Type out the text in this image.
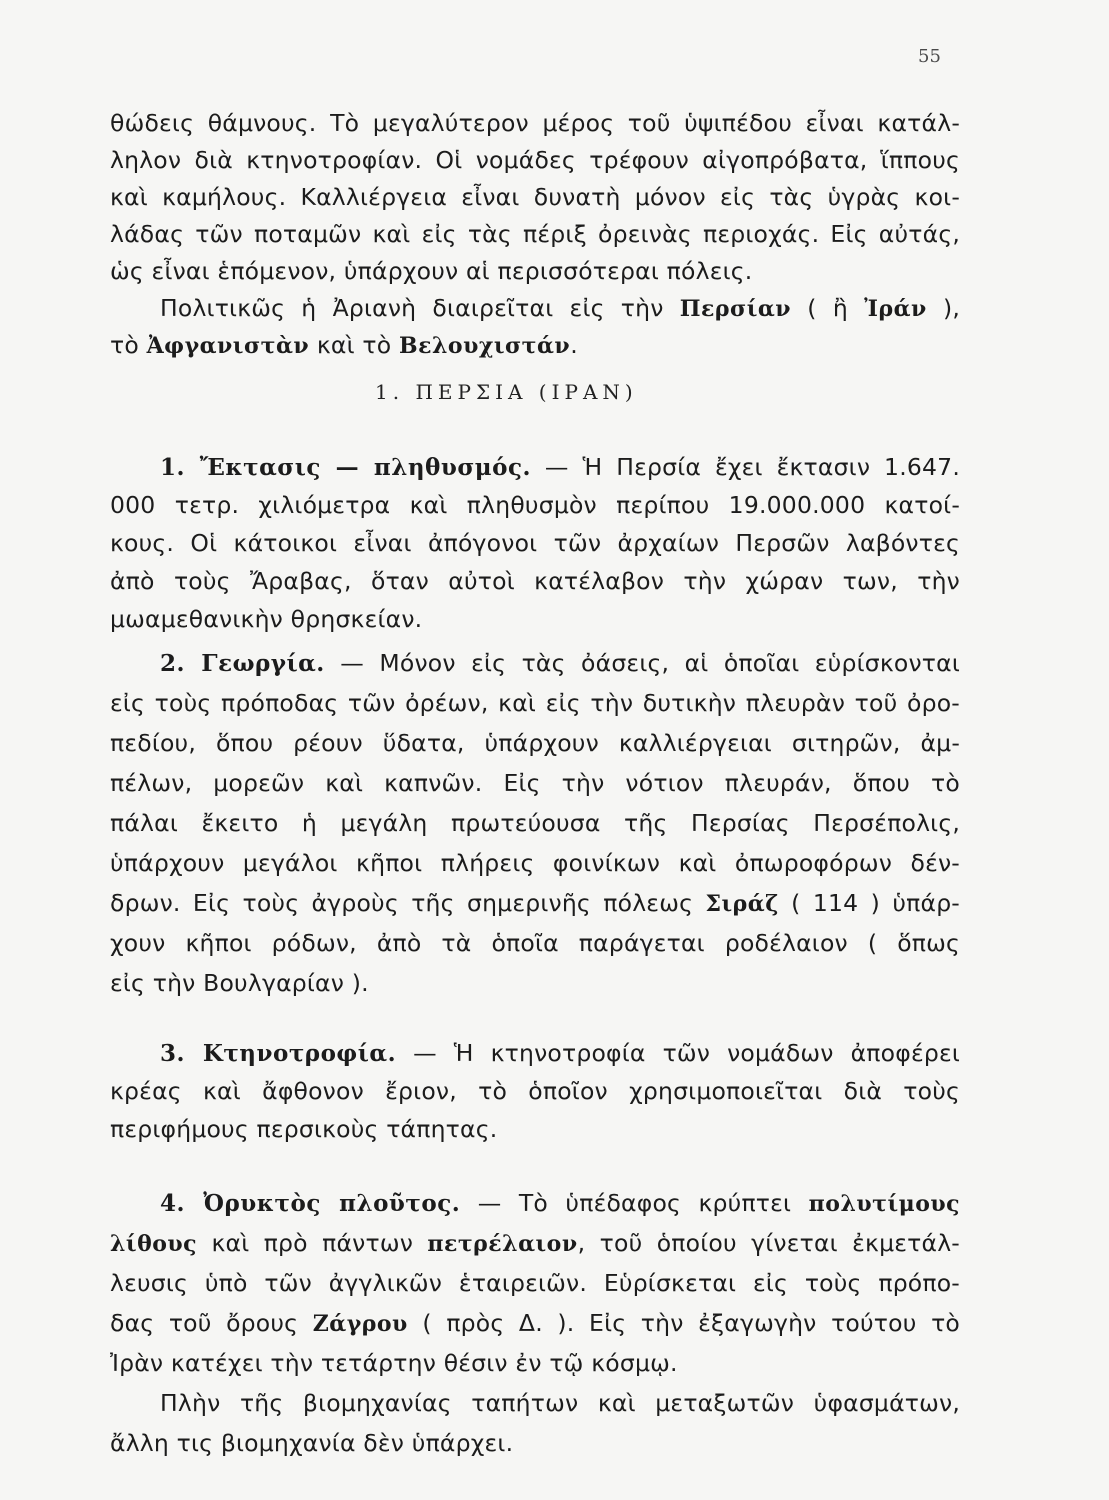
55
θώδεις θάμνους. Τὸ μεγαλύτερον μέρος τοῦ ὑψιπέδου εἶναι κατάλ-
ληλον διὰ κτηνοτροφίαν. Οἱ νομάδες τρέφουν αἰγοπρόβατα, ἵππους
καὶ καμήλους. Καλλιέργεια εἶναι δυνατὴ μόνον εἰς τὰς ὑγρὰς κοι-
λάδας τῶν ποταμῶν καὶ εἰς τὰς πέριξ ὀρεινὰς περιοχάς. Εἰς αὐτάς,
ὡς εἶναι ἑπόμενον, ὑπάρχουν αἱ περισσότεραι πόλεις.
Πολιτικῶς ἡ Ἀριανὴ διαιρεῖται εἰς τὴν Περσίαν ( ἢ Ἰράν ),
τὸ Ἀφγανιστὰν καὶ τὸ Βελουχιστάν.
1. ΠΕΡΣΙΑ (ΙΡΑΝ)
1. Ἔκτασις — πληθυσμός. — Ἡ Περσία ἔχει ἔκτασιν 1.647.
000 τετρ. χιλιόμετρα καὶ πληθυσμὸν περίπου 19.000.000 κατοί-
κους. Οἱ κάτοικοι εἶναι ἀπόγονοι τῶν ἀρχαίων Περσῶν λαβόντες
ἀπὸ τοὺς Ἄραβας, ὅταν αὐτοὶ κατέλαβον τὴν χώραν των, τὴν
μωαμεθανικὴν θρησκείαν.
2. Γεωργία. — Μόνον εἰς τὰς ὀάσεις, αἱ ὁποῖαι εὑρίσκονται
εἰς τοὺς πρόποδας τῶν ὀρέων, καὶ εἰς τὴν δυτικὴν πλευρὰν τοῦ ὀρο-
πεδίου, ὅπου ρέουν ὕδατα, ὑπάρχουν καλλιέργειαι σιτηρῶν, ἀμ-
πέλων, μορεῶν καὶ καπνῶν. Εἰς τὴν νότιον πλευράν, ὅπου τὸ
πάλαι ἔκειτο ἡ μεγάλη πρωτεύουσα τῆς Περσίας Περσέπολις,
ὑπάρχουν μεγάλοι κῆποι πλήρεις φοινίκων καὶ ὀπωροφόρων δέν-
δρων. Εἰς τοὺς ἀγροὺς τῆς σημερινῆς πόλεως Σιράζ ( 114 ) ὑπάρ-
χουν κῆποι ρόδων, ἀπὸ τὰ ὁποῖα παράγεται ροδέλαιον ( ὅπως
εἰς τὴν Βουλγαρίαν ).
3. Κτηνοτροφία. — Ἡ κτηνοτροφία τῶν νομάδων ἀποφέρει
κρέας καὶ ἄφθονον ἔριον, τὸ ὁποῖον χρησιμοποιεῖται διὰ τοὺς
περιφήμους περσικοὺς τάπητας.
4. Ὀρυκτὸς πλοῦτος. — Τὸ ὑπέδαφος κρύπτει πολυτίμους
λίθους καὶ πρὸ πάντων πετρέλαιον, τοῦ ὁποίου γίνεται ἐκμετάλ-
λευσις ὑπὸ τῶν ἀγγλικῶν ἑταιρειῶν. Εὑρίσκεται εἰς τοὺς πρόπο-
δας τοῦ ὄρους Ζάγρου ( πρὸς Δ. ). Εἰς τὴν ἐξαγωγὴν τούτου τὸ
Ἰρὰν κατέχει τὴν τετάρτην θέσιν ἐν τῷ κόσμῳ.
Πλὴν τῆς βιομηχανίας ταπήτων καὶ μεταξωτῶν ὑφασμάτων,
ἄλλη τις βιομηχανία δὲν ὑπάρχει.
